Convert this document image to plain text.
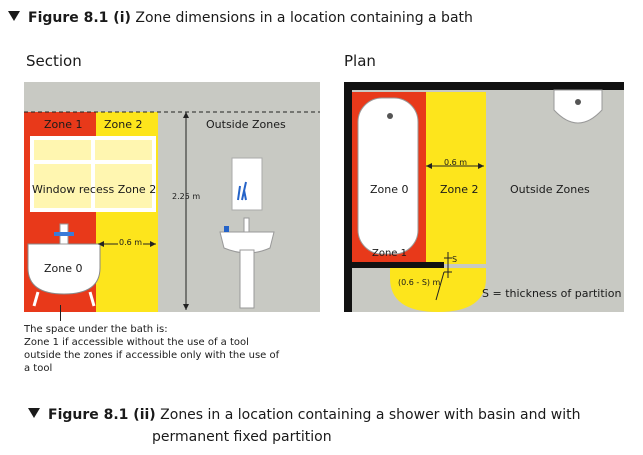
Figure 8.1 (i) Zone dimensions in a location containing a bath
Section	Plan
Zone 1 Zone 2	Outside Zones
Window recess Zone 2
2.25 m
0.6 m
Zone 0
Zone 0	Zone 2	Outside Zones
0.6 m
Zone 1
S
(0.6 - S) m
S = thickness of partition
The space under the bath is:
Zone 1 if accessible without the use of a tool
outside the zones if accessible only with the use of
a tool
Figure 8.1 (ii) Zones in a location containing a shower with basin and with
permanent fixed partition
